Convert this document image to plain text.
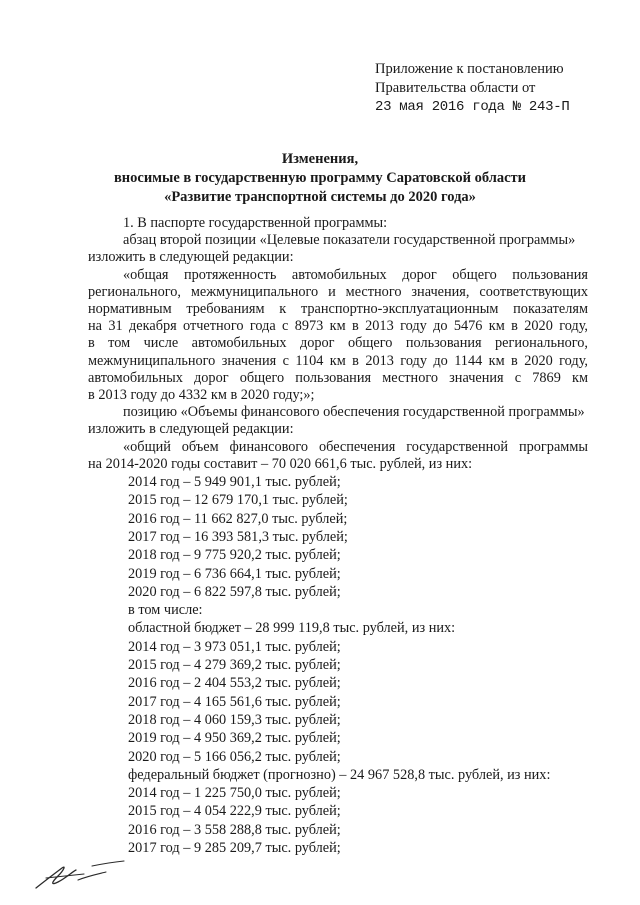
Приложение к постановлению
Правительства области от
23 мая 2016 года № 243-П
Изменения,
вносимые в государственную программу Саратовской области
«Развитие транспортной системы до 2020 года»
1. В паспорте государственной программы:
абзац второй позиции «Целевые показатели государственной программы»
изложить в следующей редакции:
«общая протяженность автомобильных дорог общего пользования
регионального, межмуниципального и местного значения, соответствующих
нормативным требованиям к транспортно-эксплуатационным показателям
на 31 декабря отчетного года с 8973 км в 2013 году до 5476 км в 2020 году,
в том числе автомобильных дорог общего пользования регионального,
межмуниципального значения с 1104 км в 2013 году до 1144 км в 2020 году,
автомобильных дорог общего пользования местного значения с 7869 км
в 2013 году до 4332 км в 2020 году;»;
позицию «Объемы финансового обеспечения государственной программы»
изложить в следующей редакции:
«общий объем финансового обеспечения государственной программы
на 2014-2020 годы составит – 70 020 661,6 тыс. рублей, из них:
2014 год – 5 949 901,1 тыс. рублей;
2015 год – 12 679 170,1 тыс. рублей;
2016 год – 11 662 827,0 тыс. рублей;
2017 год – 16 393 581,3 тыс. рублей;
2018 год – 9 775 920,2 тыс. рублей;
2019 год – 6 736 664,1 тыс. рублей;
2020 год – 6 822 597,8 тыс. рублей;
в том числе:
областной бюджет – 28 999 119,8 тыс. рублей, из них:
2014 год – 3 973 051,1 тыс. рублей;
2015 год – 4 279 369,2 тыс. рублей;
2016 год – 2 404 553,2 тыс. рублей;
2017 год – 4 165 561,6 тыс. рублей;
2018 год – 4 060 159,3 тыс. рублей;
2019 год – 4 950 369,2 тыс. рублей;
2020 год – 5 166 056,2 тыс. рублей;
федеральный бюджет (прогнозно) – 24 967 528,8 тыс. рублей, из них:
2014 год – 1 225 750,0 тыс. рублей;
2015 год – 4 054 222,9 тыс. рублей;
2016 год – 3 558 288,8 тыс. рублей;
2017 год – 9 285 209,7 тыс. рублей;
